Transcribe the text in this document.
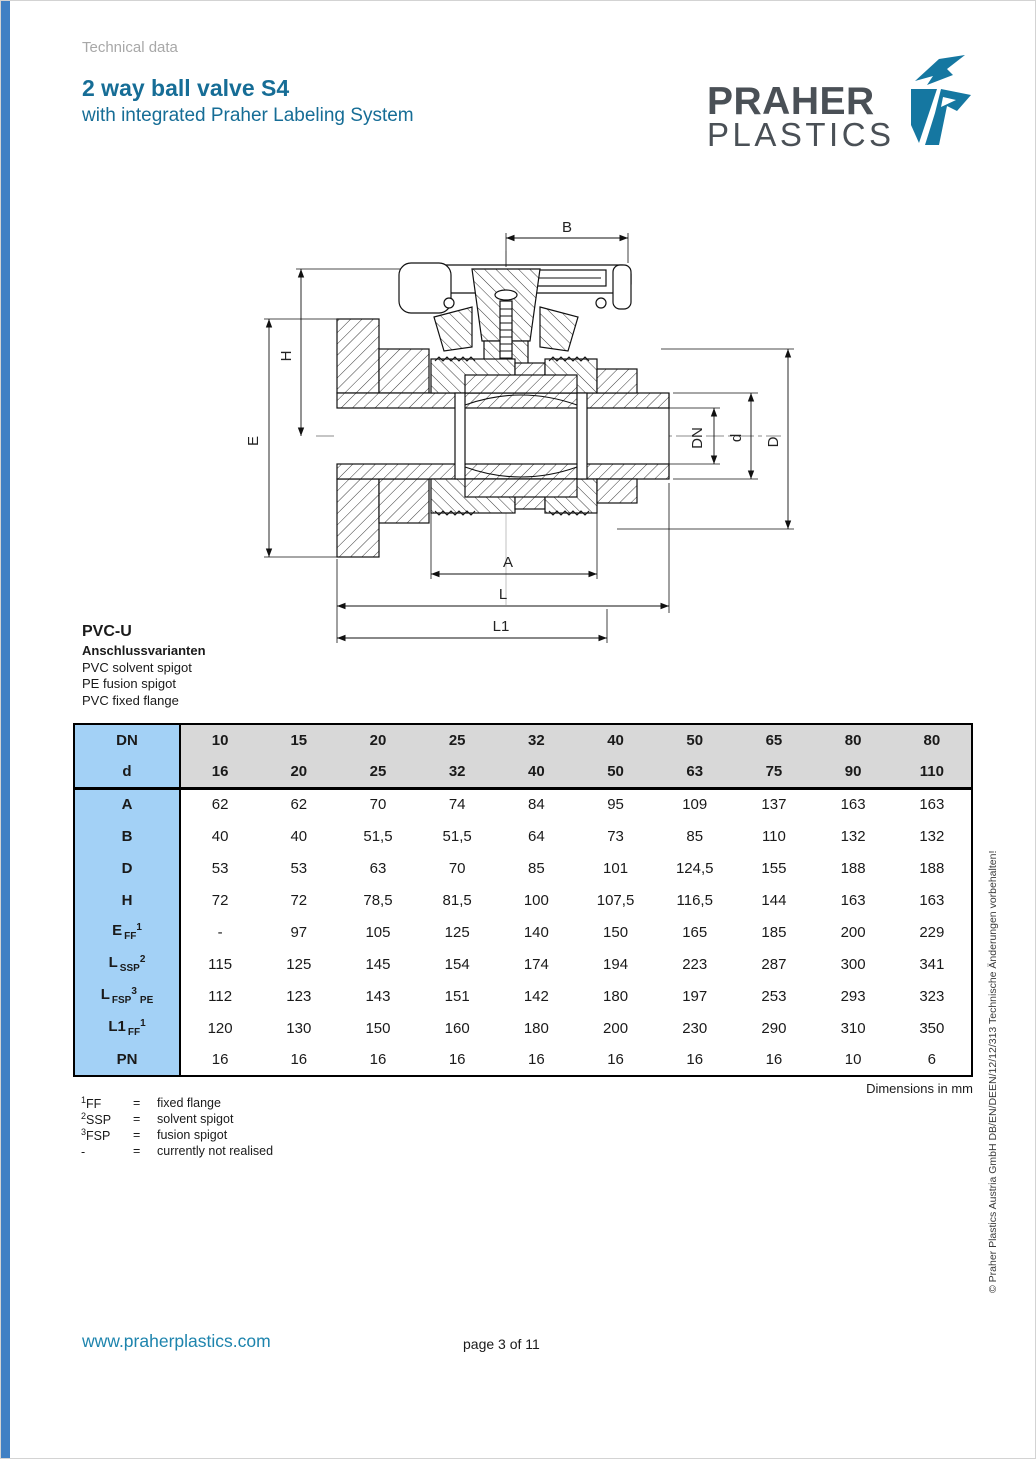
Technical data
2 way ball valve S4
with integrated Praher Labeling System	PRAHER
PLASTICS
B
H
E	DN d D
A
L
L1
PVC-U
Anschlussvarianten
PVC solvent spigot
PE fusion spigot
PVC fixed flange
DN	10	15	20	25	32	40	50	65	80	80
d	16	20	25	32	40	50	63	75	90	110
A	62	62	70	74	84	95	109	137	163	163
B	40	40	51,5	51,5	64	73	85	110	132	132
D	53	53	63	70	85	101	124,5	155	188	188
H	72	72	78,5	81,5	100	107,5	116,5	144	163	163
E $_{FF}^1$	-	97	105	125	140	150	165	185	200	229
L $_{SSP}^2$	115	125	145	154	174	194	223	287	300	341
L $_{FSP}^3_{PE}$	112	123	143	151	142	180	197	253	293	323
L1 $_{FF}^1$	120	130	150	160	180	200	230	290	310	350
PN	16	16	16	16	16	16	16	16	10	6
Dimensions in mm
$^1$FF	=	fixed flange
$^2$SSP	=	solvent spigot
$^3$FSP	=	fusion spigot
-	=	currently not realised	© Praher Plastics Austria GmbH DB/EN/DEEN/12/12/313 Technische Änderungen vorbehalten!
www.praherplastics.com	page 3 of 11
